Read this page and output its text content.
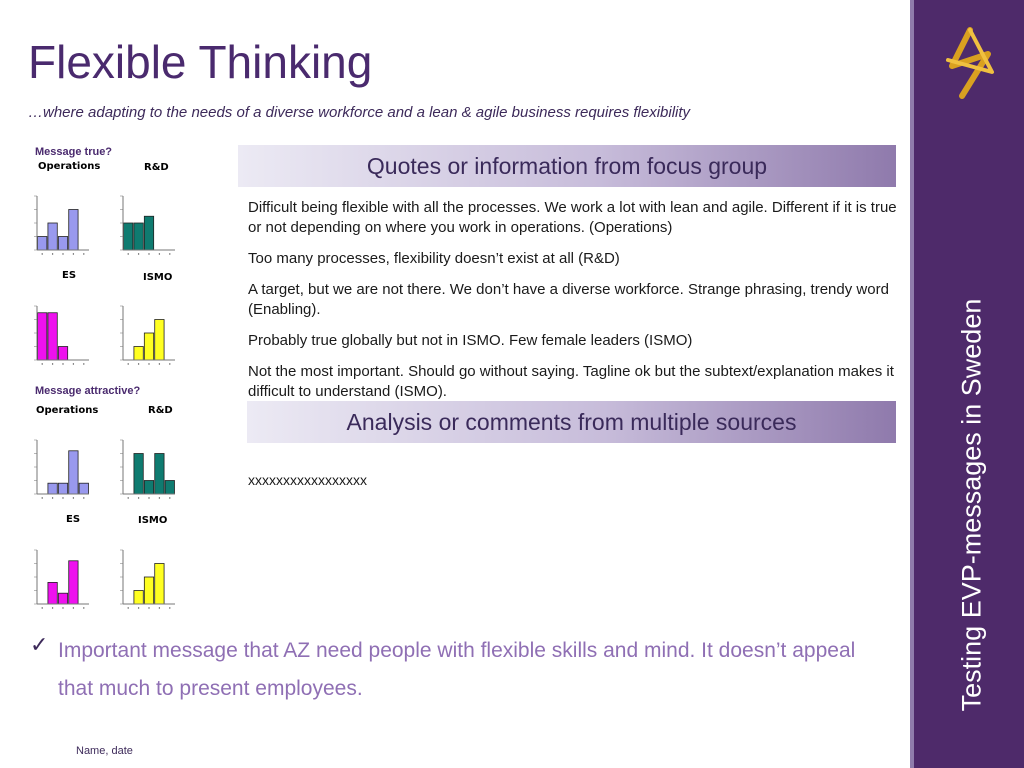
Testing EVP-messages in Sweden
Flexible Thinking
…where adapting to the needs of a diverse workforce and a lean & agile business requires flexibility
Message true?
Message attractive?
Operations	R&D
ES	ISMO
Operations	R&D
ES	ISMO
Quotes or information from focus group

Difficult being flexible with all the processes. We work a lot with lean and agile. Different if it is true or not depending on where you work in operations. (Operations)

Too many processes, flexibility doesn’t exist at all (R&D)

A target, but we are not there. We don’t have a diverse workforce. Strange phrasing, trendy word (Enabling).

Probably true globally but not in ISMO. Few female leaders (ISMO)

Not the most important. Should go without saying. Tagline ok but the subtext/explanation makes it difficult to understand (ISMO).

Analysis or comments from multiple sources
xxxxxxxxxxxxxxxxx
✓ Important message that AZ need people with flexible skills and mind. It doesn’t appeal that much to present employees.
Name, date
